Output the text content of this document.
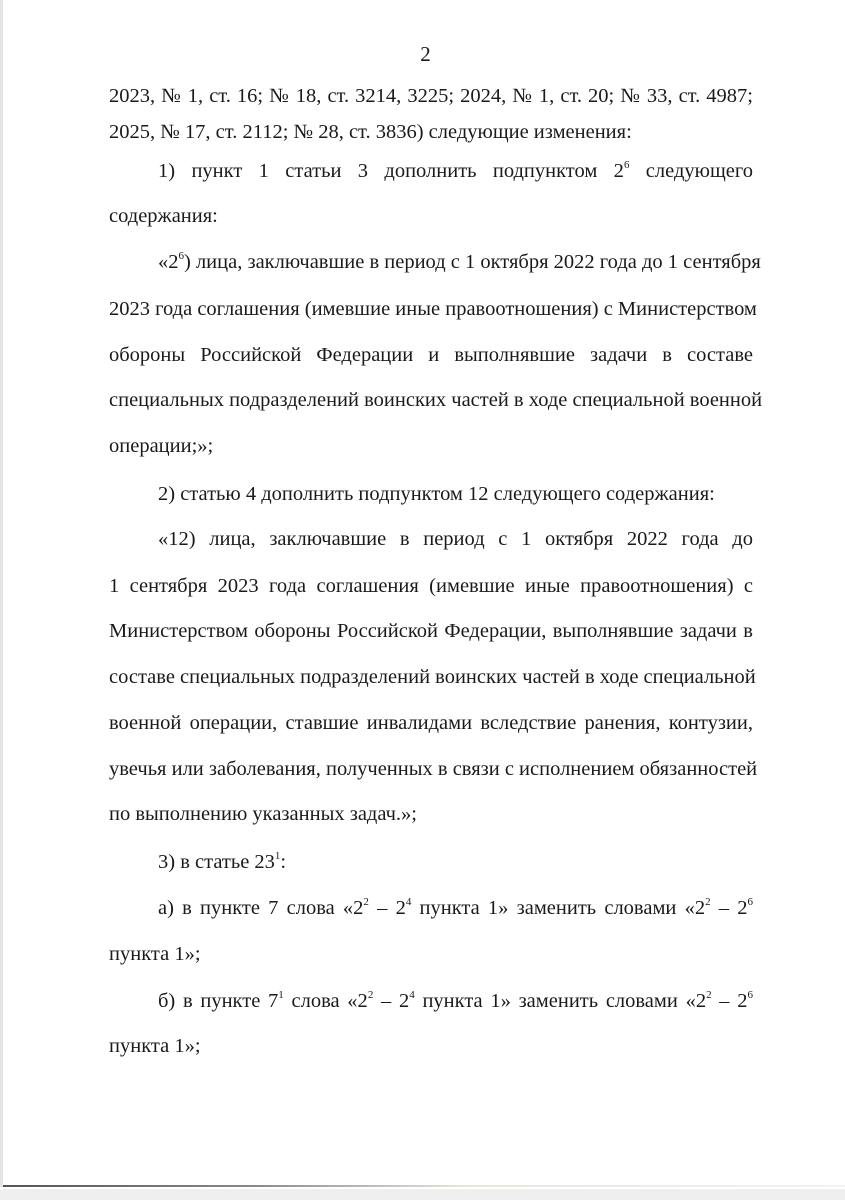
2
2023, № 1, ст. 16; № 18, ст. 3214, 3225; 2024, № 1, ст. 20; № 33, ст. 4987;
2025, № 17, ст. 2112; № 28, ст. 3836) следующие изменения:
1) пункт 1 статьи 3 дополнить подпунктом $2^6$ следующего
содержания:
«$2^6$) лица, заключавшие в период с 1 октября 2022 года до 1 сентября
2023 года соглашения (имевшие иные правоотношения) с Министерством
обороны Российской Федерации и выполнявшие задачи в составе
специальных подразделений воинских частей в ходе специальной военной
операции;»;
2) статью 4 дополнить подпунктом 12 следующего содержания:
«12) лица, заключавшие в период с 1 октября 2022 года до
1 сентября 2023 года соглашения (имевшие иные правоотношения) с
Министерством обороны Российской Федерации, выполнявшие задачи в
составе специальных подразделений воинских частей в ходе специальной
военной операции, ставшие инвалидами вследствие ранения, контузии,
увечья или заболевания, полученных в связи с исполнением обязанностей
по выполнению указанных задач.»;
3) в статье $23^1$:
а) в пункте 7 слова «$2^2 - 2^4$ пункта 1» заменить словами «$2^2 - 2^6$
пункта 1»;
б) в пункте $7^1$ слова «$2^2 - 2^4$ пункта 1» заменить словами «$2^2 - 2^6$
пункта 1»;
